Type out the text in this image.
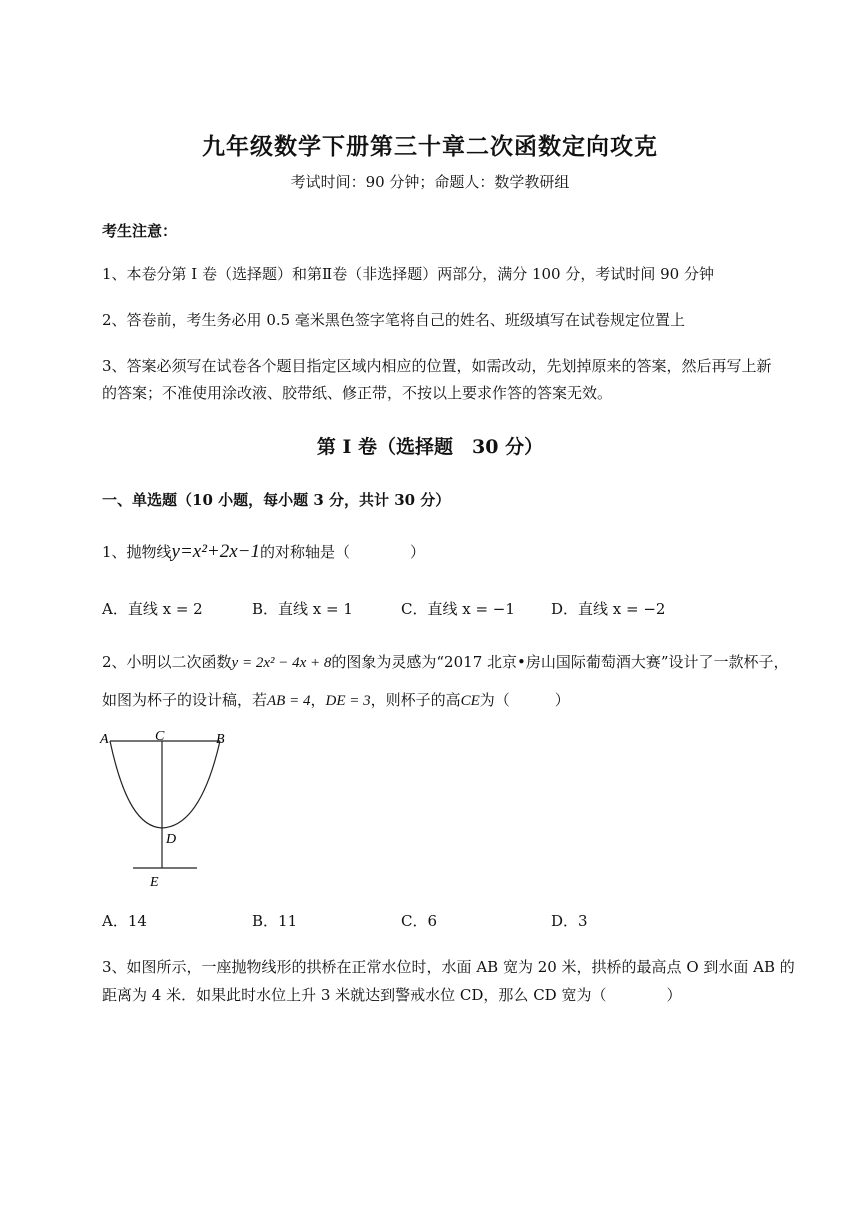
九年级数学下册第三十章二次函数定向攻克
考试时间：90 分钟；命题人：数学教研组
考生注意：
1、本卷分第 I 卷（选择题）和第Ⅱ卷（非选择题）两部分，满分 100 分，考试时间 90 分钟
2、答卷前，考生务必用 0.5 毫米黑色签字笔将自己的姓名、班级填写在试卷规定位置上
3、答案必须写在试卷各个题目指定区域内相应的位置，如需改动，先划掉原来的答案，然后再写上新
的答案；不准使用涂改液、胶带纸、修正带，不按以上要求作答的答案无效。
第 I 卷（选择题　30 分）
一、单选题（10 小题，每小题 3 分，共计 30 分）
1、抛物线y=x²+2x−1的对称轴是（　　　　）
A．直线 x = 2	B．直线 x = 1	C．直线 x = −1 D．直线 x = −2
2、小明以二次函数y = 2x² − 4x + 8的图象为灵感为“2017 北京•房山国际葡萄酒大赛”设计了一款杯子，
如图为杯子的设计稿，若AB = 4，DE = 3，则杯子的高CE为（　　　）
A	C	B
D
E
A．14	B．11	C．6	D．3
3、如图所示，一座抛物线形的拱桥在正常水位时，水面 AB 宽为 20 米，拱桥的最高点 O 到水面 AB 的
距离为 4 米．如果此时水位上升 3 米就达到警戒水位 CD，那么 CD 宽为（　　　　）
